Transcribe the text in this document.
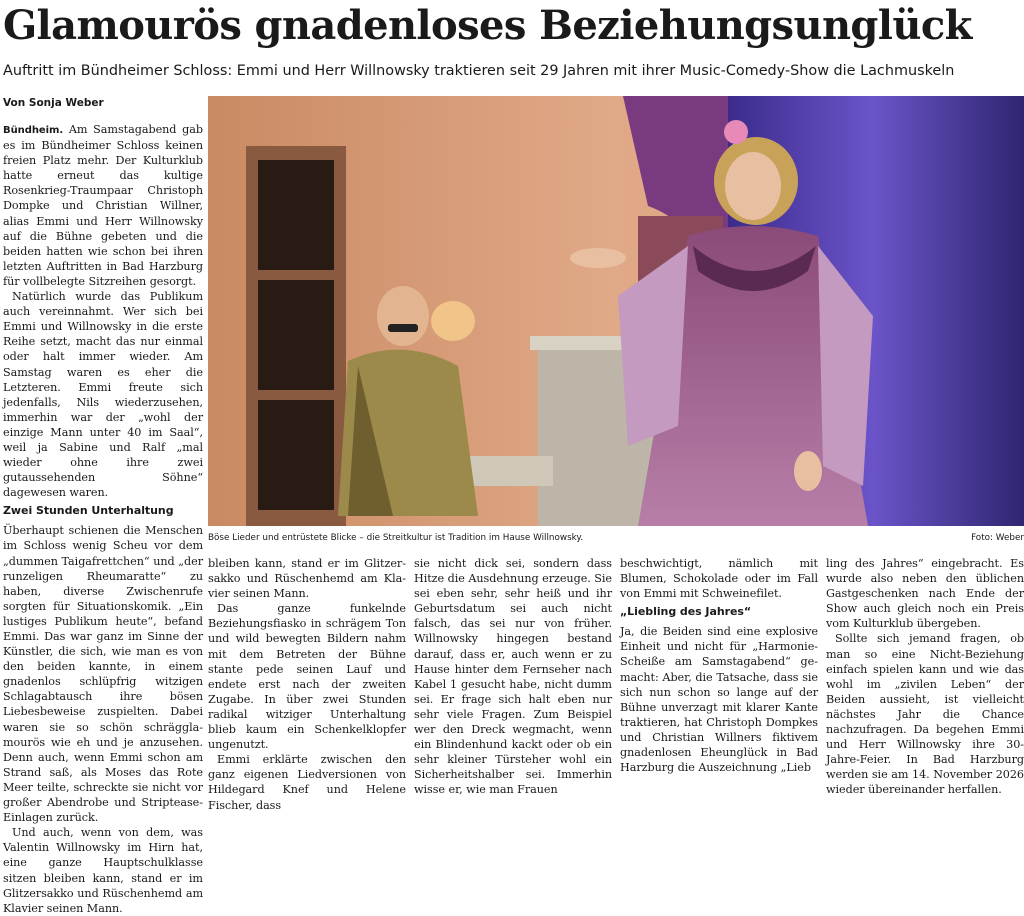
Glamourös gnadenloses Beziehungsunglück
Auftritt im Bündheimer Schloss: Emmi und Herr Willnowsky traktieren seit 29 Jahren mit ihrer Music-Comedy-Show die Lachmuskeln
Von Sonja Weber

Bündheim. Am Samstagabend gab es im Bündheimer Schloss keinen freien Platz mehr. Der Kulturklub hatte erneut das kultige Rosenkrieg-Traumpaar Christoph Dompke und Christian Willner, alias Emmi und Herr Willnowsky auf die Bühne gebeten und die beiden hatten wie schon bei ihren letzten Auftritten in Bad Harzburg für vollbelegte Sitzreihen gesorgt.

Natürlich wurde das Publikum auch vereinnahmt. Wer sich bei Emmi und Willnowsky in die erste Reihe setzt, macht das nur einmal oder halt immer wieder. Am Samstag waren es eher die Letzteren. Emmi freute sich jedenfalls, Nils wiederzusehen, immerhin war der „wohl der einzige Mann unter 40 im Saal“, weil ja Sabine und Ralf „mal wieder ohne ihre zwei gutaussehenden Söhne“ dagewesen waren.

Zwei Stunden Unterhaltung

Überhaupt schienen die Menschen im Schloss wenig Scheu vor dem „dummen Taigafrettchen“ und „der runzeligen Rheumaratte“ zu haben, diverse Zwischenrufe sorgten für Situationskomik. „Ein lustiges Publikum heute“, befand Emmi. Das war ganz im Sinne der Künstler, die sich, wie man es von den beiden kannte, in einem gnadenlos schlüpfrig witzigen Schlagabtausch ihre bösen Liebesbeweise zuspielten. Dabei waren sie so schön schräggla-mourös wie eh und je anzusehen. Denn auch, wenn Emmi schon am Strand saß, als Moses das Rote Meer teilte, schreckte sie nicht vor großer Abendrobe und Striptease-Einlagen zurück.

Und auch, wenn von dem, was Valentin Willnowsky im Hirn hat, eine ganze Hauptschulklasse sitzen bleiben kann, stand er im Glitzersakko und Rüschenhemd am Klavier seinen Mann.

Böse Lieder und entrüstete Blicke – die Streitkultur ist Tradition im Hause Willnowsky.	Foto: Weber

bleiben kann, stand er im Glitzersakko und Rüschenhemd am Klavier seinen Mann.

Das ganze funkelnde Beziehungsfiasko in schrägem Ton und wild bewegten Bildern nahm mit dem Betreten der Bühne stante pede seinen Lauf und endete erst nach der zweiten Zugabe. In über zwei Stunden radikal witziger Unterhaltung blieb kaum ein Schenkelklopfer ungenutzt.

Emmi erklärte zwischen den ganz eigenen Liedversionen von Hildegard Knef und Helene Fischer, dass

sie nicht dick sei, sondern dass Hitze die Ausdehnung erzeuge. Sie sei eben sehr, sehr heiß und ihr Geburtsdatum sei auch nicht falsch, das sei nur von früher. Willnowsky hingegen bestand darauf, dass er, auch wenn er zu Hause hinter dem Fernseher nach Kabel 1 gesucht habe, nicht dumm sei. Er frage sich halt eben nur sehr viele Fragen. Zum Beispiel wer den Dreck wegmacht, wenn ein Blindenhund kackt oder ob ein sehr kleiner Türsteher wohl ein Sicherheitshalber sei. Immerhin wisse er, wie man Frauen

beschwichtigt, nämlich mit Blumen, Schokolade oder im Fall von Emmi mit Schweinefilet.

„Liebling des Jahres“

Ja, die Beiden sind eine explosive Einheit und nicht für „Harmonie-Scheiße am Samstagabend“ gemacht: Aber, die Tatsache, dass sie sich nun schon so lange auf der Bühne unverzagt mit klarer Kante traktieren, hat Christoph Dompkes und Christian Willners fiktivem gnadenlosen Eheunglück in Bad Harzburg die Auszeichnung „Lieb

ling des Jahres“ eingebracht. Es wurde also neben den üblichen Gastgeschenken nach Ende der Show auch gleich noch ein Preis vom Kulturklub übergeben.

Sollte sich jemand fragen, ob man so eine Nicht-Beziehung einfach spielen kann und wie das wohl im „zivilen Leben“ der Beiden aussieht, ist vielleicht nächstes Jahr die Chance nachzufragen. Da begehen Emmi und Herr Willnowsky ihre 30-Jahre-Feier. In Bad Harzburg werden sie am 14. November 2026 wieder übereinander herfallen.
